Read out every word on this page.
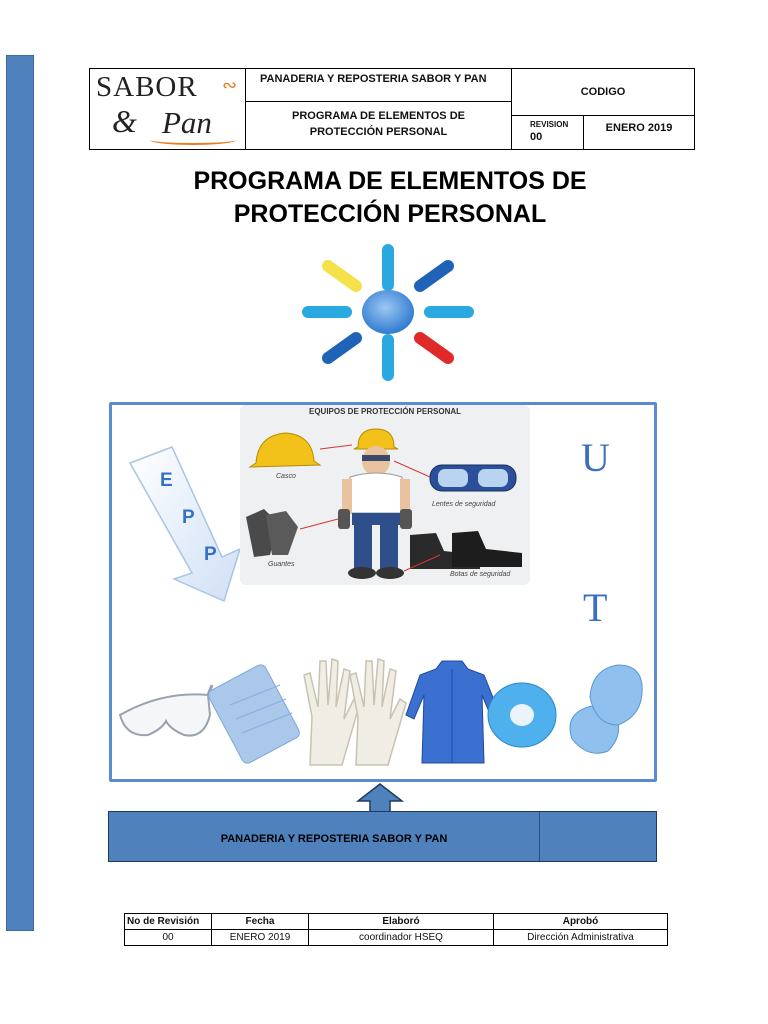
SABOR ∾
& Pan
PANADERIA Y REPOSTERIA SABOR Y PAN
PROGRAMA DE ELEMENTOS DE
PROTECCIÓN PERSONAL
CODIGO
REVISION
00
ENERO 2019
PROGRAMA DE ELEMENTOS DE
PROTECCIÓN PERSONAL
E
P
P
EQUIPOS DE PROTECCIÓN PERSONAL
Casco
Lentes de seguridad
Guantes
Botas de seguridad
U
T
PANADERIA Y REPOSTERIA SABOR Y PAN
No de Revisión	Fecha	Elaboró	Aprobó
00	ENERO 2019	coordinador HSEQ	Dirección Administrativa
